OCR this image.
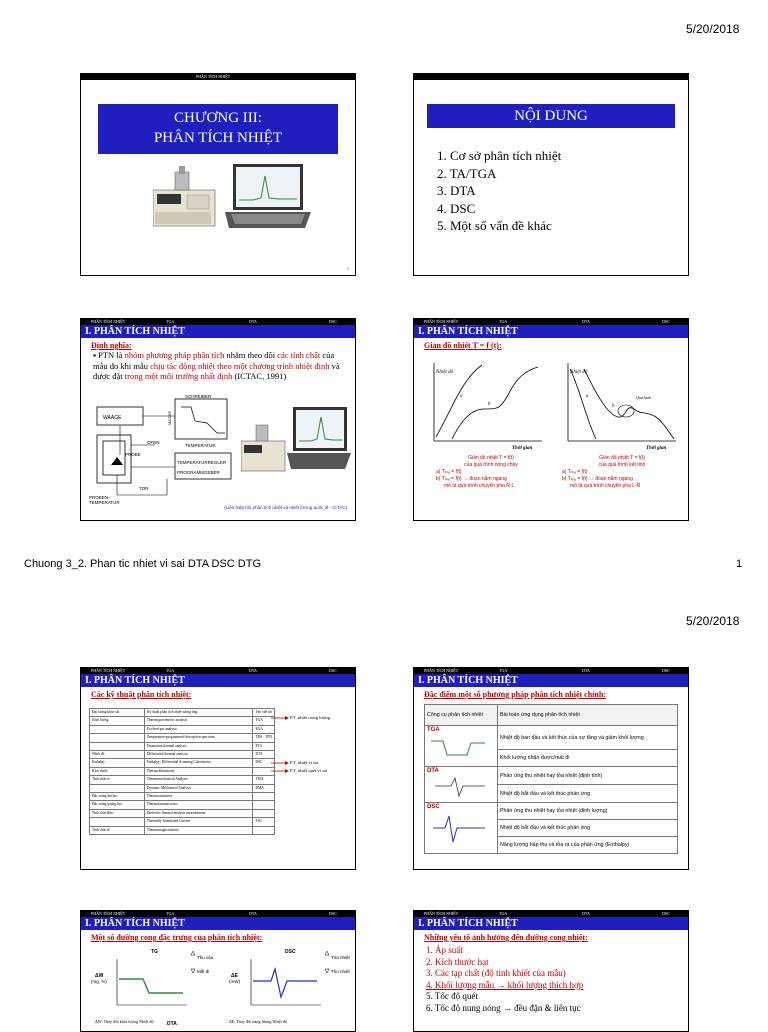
5/20/2018
PHÂN TÍCH NHIỆT
CHƯƠNG III:
PHÂN TÍCH NHIỆT
1
NỘI DUNG
1. Cơ sở phân tích nhiệt
2. TA/TGA
3. DTA
4. DSC
5. Một số vấn đề khác
PHÂN TÍCH NHIỆT	TGA	DTA	DSC
I. PHÂN TÍCH NHIỆT
Định nghĩa:
▪ PTN là nhóm phương pháp phân tích nhằm theo dõi các tính chất của mẫu đo khi mẫu chịu tác động nhiệt theo một chương trình nhiệt định và được đặt trong một môi trường nhất định (ICTAC, 1991)
WAAGE
SCHREIBER
OFEN
PROBE
TEMPERATURREGLER
PROGRAMMGEBER
TEMPERATUR
MASSE
PROBEN-
TEMPERATUR
TOR
(Liên hiệp hội phân tích nhiệt và nhiệt lượng quốc tế - ICTAC)
PHÂN TÍCH NHIỆT	TGA	DTA	DSC
I. PHÂN TÍCH NHIỆT
Giản đồ nhiệt T = f (t):
Nhiệt độ
Thời gian
a
b
Nhiệt độ
Thời gian
a
b
Quá lạnh
Giản đồ nhiệt T = f(t)
của quá trình nóng chảy
a) Tₘₐ = f(t)
b) Tₘₐ = f(t) → đoạn nằm ngang
mô tả quá trình chuyển pha R-L
Giản đồ nhiệt T = f(t)
của quá trình kết tinh
a) Tₘₐ = f(t)
b) Tₘₐ = f(t) → đoạn nằm ngang
mô tả quá trình chuyển pha L-R
Chuong 3_2. Phan tic nhiet vi sai DTA DSC DTG	1
5/20/2018
PHÂN TÍCH NHIỆT	TGA	DTA	DSC
I. PHÂN TÍCH NHIỆT
Các kỹ thuật phân tích nhiệt:
Đại lượng khảo sát	Kỹ thuật phân tích nhiệt tương ứng	Tên viết tắt
Khối lượng	Thermogravimetric analysis	TGA
	Evolved gas analysis	EGA
	Temperature-programmed desorption spectrum	TDS · TPD
	Emanation thermal analysis	ETA
Nhiệt độ	Differential thermal analysis	DTA
Enthalpy	Enthalpy: Differential Scanning Calorimetry	DSC
Kích thước	Thermodilatometry	
Tính chất cơ	Thermomechanical Analysis	TMA
	Dynamic Mechanical Analysis	DMA
Đặc trưng âm học	Thermosonimetry	
Đặc trưng quang học	Thermoluminescence	
Tính chất điện	Dielectric thermal analysis measurement	
	Thermally Stimulated Current	TSC
Tính chất từ	Thermomagnetometry	
P.T. nhiệt trọng lượng
P.T. nhiệt vi sai
P.T. nhiệt quét vi sai
PHÂN TÍCH NHIỆT	TGA	DTA	DSC
I. PHÂN TÍCH NHIỆT
Đặc điểm một số phương pháp phân tích nhiệt chính:
Công cụ phân tích nhiệt	Bài toán ứng dụng phân tích nhiệt

TGA	Nhiệt độ ban đầu và kết thúc của sự tăng và giảm khối lượng
	Khối lượng nhận được/mất đi

DTA	Phản ứng thu nhiệt hay tỏa nhiệt (định tính)
	Nhiệt độ bắt đầu và kết thúc phản ứng

DSC	Phản ứng thu nhiệt hay tỏa nhiệt (định lượng)
	Nhiệt độ bắt đầu và kết thúc phản ứng
	Năng lượng hấp thụ và tỏa ra của phản ứng (Enthalpy)
PHÂN TÍCH NHIỆT	TGA	DTA	DSC
I. PHÂN TÍCH NHIỆT
Một số đường cong đặc trưng của phân tích nhiệt:
TG
ΔW
(mg, %)
Thu vào
Mất đi
ΔW: Thay đổi khối lượng Nhiệt độ
DSC
ΔE
(mW)
Tỏa nhiệt
Thu nhiệt
ΔE: Thay đổi năng lượng Nhiệt độ
DTA
PHÂN TÍCH NHIỆT	TGA	DTA	DSC
I. PHÂN TÍCH NHIỆT
Những yếu tố ảnh hưởng đến đường cong nhiệt:
1. Áp suất
2. Kích thước hạt
3. Các tạp chất (độ tinh khiết của mẫu)
4. Khối lượng mẫu → khối lượng thích hợp
5. Tốc độ quét
6. Tốc độ nung nóng → đều đặn & liên tục
